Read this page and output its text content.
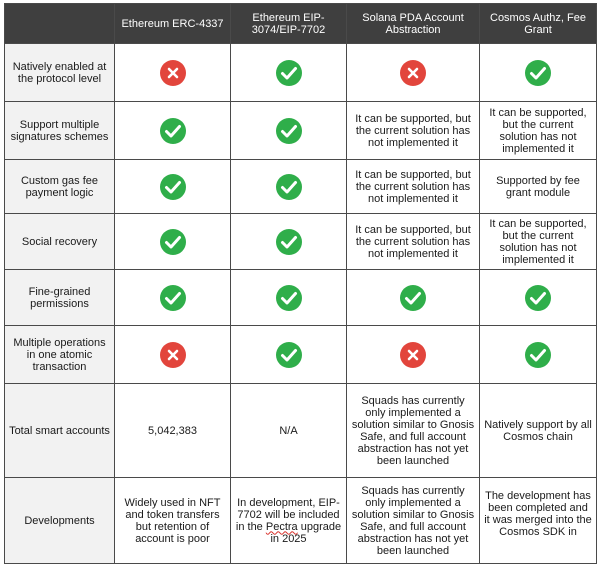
	Ethereum ERC-4337	Ethereum EIP-3074/EIP-7702	Solana PDA Account Abstraction	Cosmos Authz, Fee Grant
Natively enabled at the protocol level				
Support multiple signatures schemes			It can be supported, but the current solution has not implemented it	It can be supported, but the current solution has not implemented it

Custom gas fee payment logic			It can be supported, but the current solution has not implemented it	Supported by fee grant module

Social recovery			It can be supported, but the current solution has not implemented it	It can be supported, but the current solution has not implemented it

Fine-grained permissions				
Multiple operations in one atomic transaction				
Total smart accounts	5,042,383	N/A	Squads has currently only implemented a solution similar to Gnosis Safe, and full account abstraction has not yet been launched	Natively support by all Cosmos chain

Developments	Widely used in NFT and token transfers but retention of account is poor	In development, EIP-7702 will be included in the Pectra upgrade in 2025	Squads has currently only implemented a solution similar to Gnosis Safe, and full account abstraction has not yet been launched	The development has been completed and it was merged into the Cosmos SDK in
